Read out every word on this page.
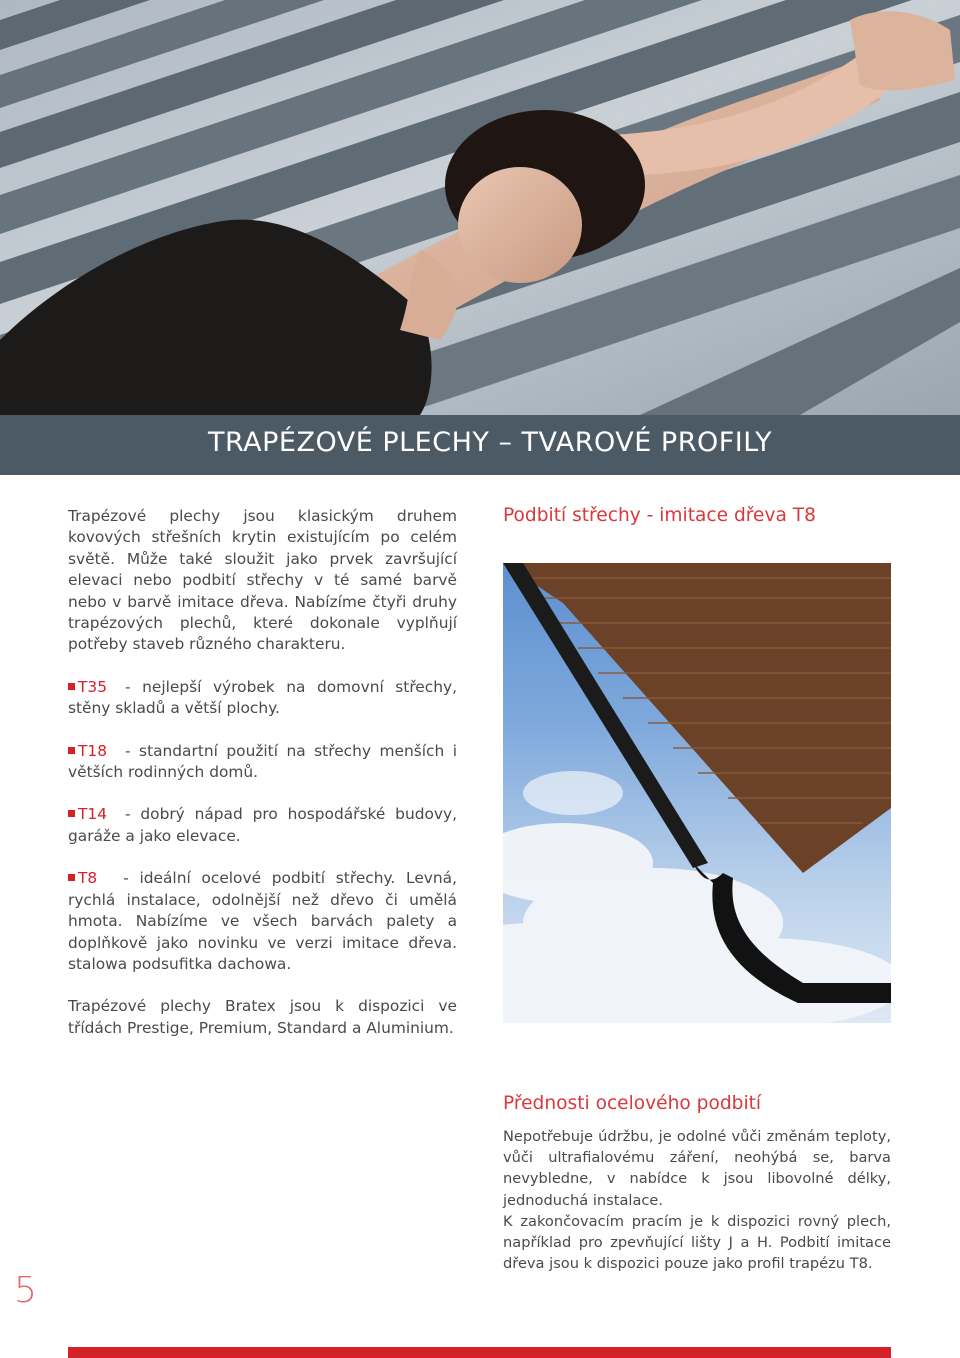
TRAPÉZOVÉ PLECHY – TVAROVÉ PROFILY

Trapézové plechy jsou klasickým druhem kovových střešních krytin existujícím po celém světě. Může také sloužit jako prvek završující elevaci nebo podbití střechy v té samé barvě nebo v barvě imitace dřeva. Nabízíme čtyři druhy trapézových plechů, které dokonale vyplňují potřeby staveb různého charakteru.

T35 - nejlepší výrobek na domovní střechy, stěny skladů a větší plochy.

T18 - standartní použití na střechy menších i větších rodinných domů.

T14 - dobrý nápad pro hospodářské budovy, garáže a jako elevace.

T8 - ideální ocelové podbití střechy. Levná, rychlá instalace, odolnější než dřevo či umělá hmota. Nabízíme ve všech barvách palety a doplňkově jako novinku ve verzi imitace dřeva. stalowa podsufitka dachowa.

Trapézové plechy Bratex jsou k dispozici ve třídách Prestige, Premium, Standard a Aluminium.

Podbití střechy - imitace dřeva T8
Přednosti ocelového podbití

Nepotřebuje údržbu, je odolné vůči změnám teploty, vůči ultrafialovému záření, neohýbá se, barva nevybledne, v nabídce k jsou libovolné délky, jednoduchá instalace.

K zakončovacím pracím je k dispozici rovný plech, například pro zpevňující lišty J a H. Podbití imitace dřeva jsou k dispozici pouze jako profil trapézu T8.

5
